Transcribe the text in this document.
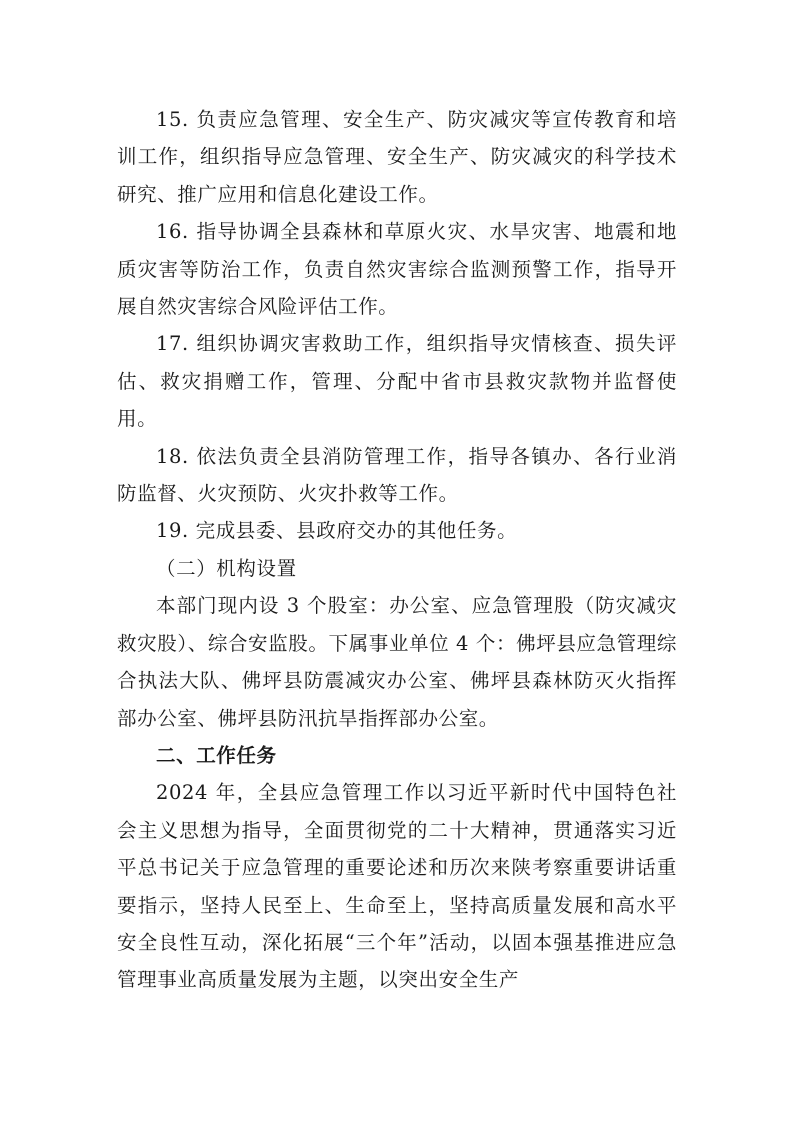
15. 负责应急管理、安全生产、防灾减灾等宣传教育和培训工作，组织指导应急管理、安全生产、防灾减灾的科学技术研究、推广应用和信息化建设工作。

16. 指导协调全县森林和草原火灾、水旱灾害、地震和地质灾害等防治工作，负责自然灾害综合监测预警工作，指导开展自然灾害综合风险评估工作。

17. 组织协调灾害救助工作，组织指导灾情核查、损失评估、救灾捐赠工作，管理、分配中省市县救灾款物并监督使用。

18. 依法负责全县消防管理工作，指导各镇办、各行业消防监督、火灾预防、火灾扑救等工作。

19. 完成县委、县政府交办的其他任务。

（二）机构设置

本部门现内设 3 个股室：办公室、应急管理股（防灾减灾救灾股）、综合安监股。下属事业单位 4 个：佛坪县应急管理综合执法大队、佛坪县防震减灾办公室、佛坪县森林防灭火指挥部办公室、佛坪县防汛抗旱指挥部办公室。

二、工作任务

2024 年，全县应急管理工作以习近平新时代中国特色社会主义思想为指导，全面贯彻党的二十大精神，贯通落实习近平总书记关于应急管理的重要论述和历次来陕考察重要讲话重要指示，坚持人民至上、生命至上，坚持高质量发展和高水平安全良性互动，深化拓展“三个年”活动，以固本强基推进应急管理事业高质量发展为主题，以突出安全生产
